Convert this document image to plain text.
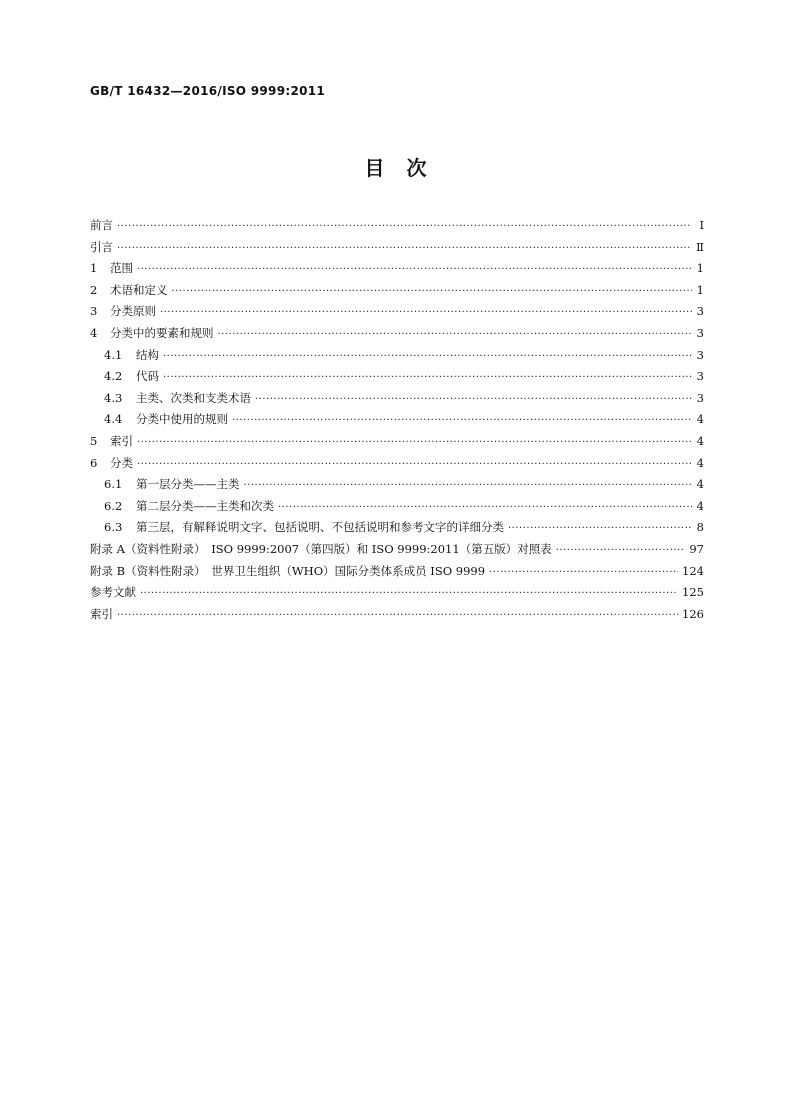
GB/T 16432—2016/ISO 9999:2011
目　次
前言 ·····	Ⅰ
引言 ·····	Ⅱ
1 范围 ·····	1
2 术语和定义 ·····	1
3 分类原则 ·····	3
4 分类中的要素和规则 ·····	3
4.1 结构 ·····	3
4.2 代码 ·····	3
4.3 主类、次类和支类术语 ·····	3
4.4 分类中使用的规则 ·····	4
5 索引 ·····	4
6 分类 ·····	4
6.1 第一层分类——主类 ·····	4
6.2 第二层分类——主类和次类 ·····	4
6.3 第三层，有解释说明文字、包括说明、不包括说明和参考文字的详细分类 ·····	8
附录 A（资料性附录）　ISO 9999:2007（第四版）和 ISO 9999:2011（第五版）对照表 ·····	97
附录 B（资料性附录）　世界卫生组织（WHO）国际分类体系成员 ISO 9999 ·····	124
参考文献 ·····	125
索引 ·····	126
